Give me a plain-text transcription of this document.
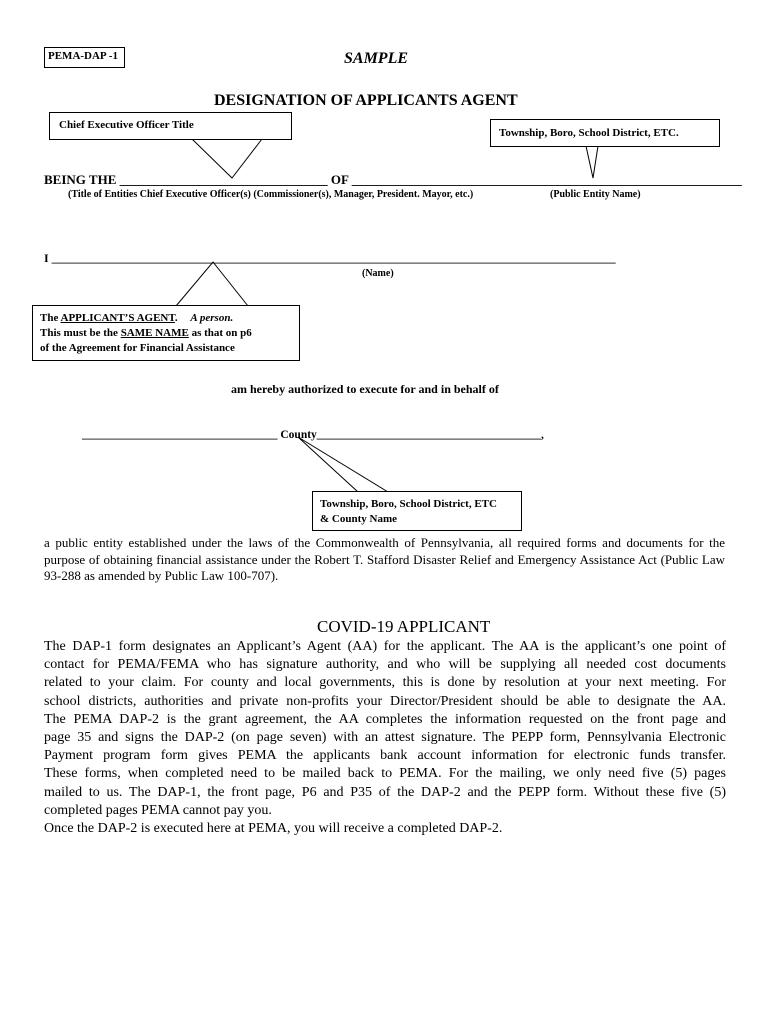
PEMA-DAP -1	SAMPLE
DESIGNATION OF APPLICANTS AGENT
Chief Executive Officer Title
Township, Boro, School District, ETC.
BEING THE ________________________________ OF ____________________________________________________________
(Title of Entities Chief Executive Officer(s) (Commissioner(s), Manager, President. Mayor, etc.)	(Public Entity Name)
I ______________________________________________________________________________________________
(Name)
The APPLICANT’S AGENT. A person.
This must be the SAME NAME as that on p6
of the Agreement for Financial Assistance
am hereby authorized to execute for and in behalf of
__________________________________ County_______________________________________,
Township, Boro, School District, ETC
& County Name
a public entity established under the laws of the Commonwealth of Pennsylvania, all required forms and documents for the purpose of obtaining financial assistance under the Robert T. Stafford Disaster Relief and Emergency Assistance Act (Public Law 93-288 as amended by Public Law 100-707).
COVID-19 APPLICANT
The DAP-1 form designates an Applicant’s Agent (AA) for the applicant. The AA is the applicant’s one point of
contact for PEMA/FEMA who has signature authority, and who will be supplying all needed cost documents
related to your claim. For county and local governments, this is done by resolution at your next meeting. For
school districts, authorities and private non-profits your Director/President should be able to designate the AA.
The PEMA DAP-2 is the grant agreement, the AA completes the information requested on the front page and
page 35 and signs the DAP-2 (on page seven) with an attest signature. The PEPP form, Pennsylvania Electronic
Payment program form gives PEMA the applicants bank account information for electronic funds transfer.
These forms, when completed need to be mailed back to PEMA. For the mailing, we only need five (5) pages
mailed to us. The DAP-1, the front page, P6 and P35 of the DAP-2 and the PEPP form. Without these five (5)
completed pages PEMA cannot pay you.
Once the DAP-2 is executed here at PEMA, you will receive a completed DAP-2.
